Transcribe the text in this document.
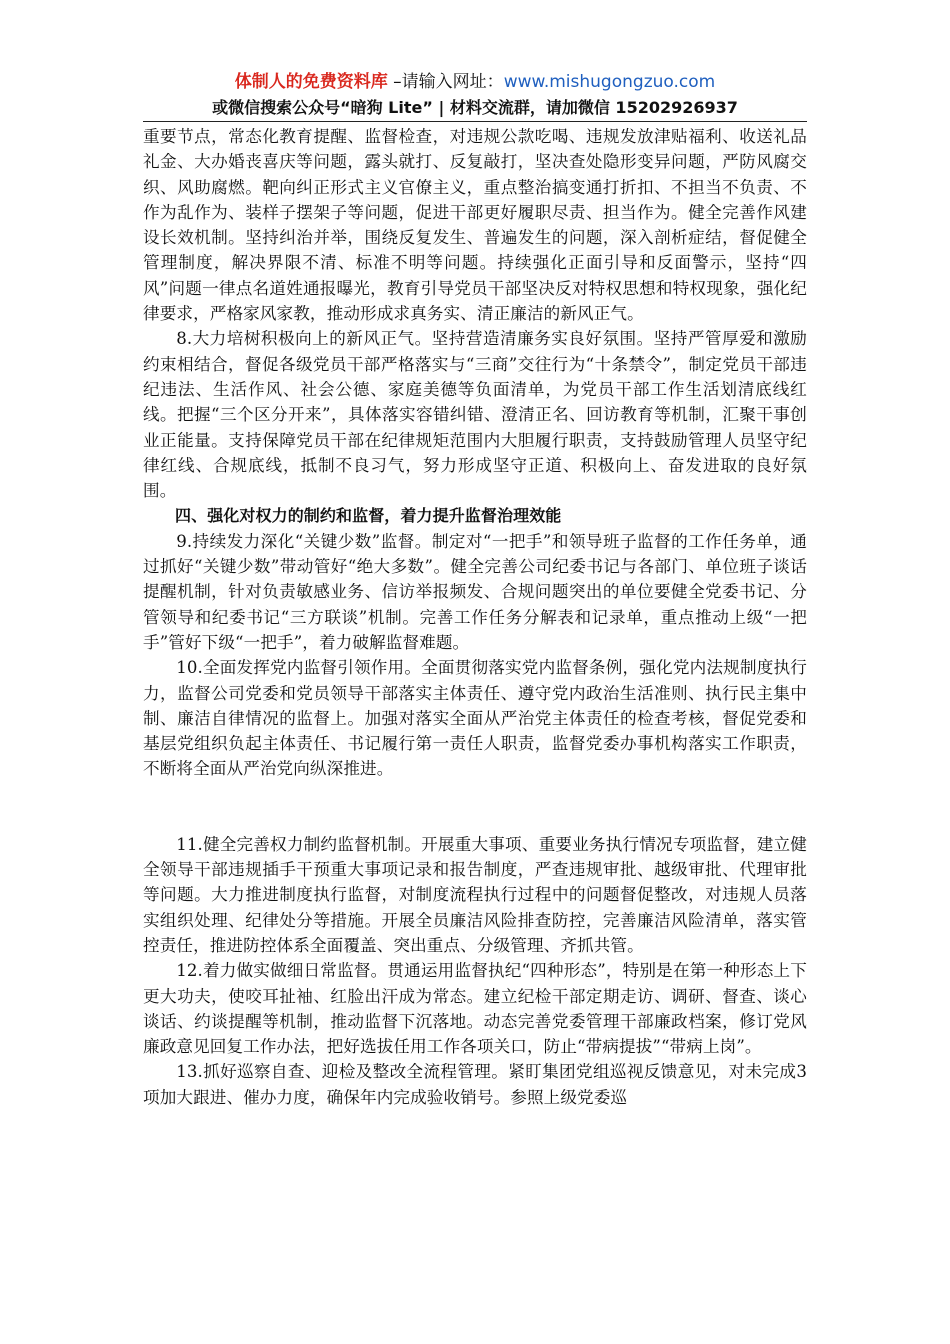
体制人的免费资料库 –请输入网址：www.mishugongzuo.com
或微信搜索公众号“暗狗 Lite” | 材料交流群，请加微信 15202926937

重要节点，常态化教育提醒、监督检查，对违规公款吃喝、违规发放津贴福利、收送礼品礼金、大办婚丧喜庆等问题，露头就打、反复敲打，坚决查处隐形变异问题，严防风腐交织、风助腐燃。靶向纠正形式主义官僚主义，重点整治搞变通打折扣、不担当不负责、不作为乱作为、装样子摆架子等问题，促进干部更好履职尽责、担当作为。健全完善作风建设长效机制。坚持纠治并举，围绕反复发生、普遍发生的问题，深入剖析症结，督促健全管理制度，解决界限不清、标准不明等问题。持续强化正面引导和反面警示，坚持“四风”问题一律点名道姓通报曝光，教育引导党员干部坚决反对特权思想和特权现象，强化纪律要求，严格家风家教，推动形成求真务实、清正廉洁的新风正气。

8.大力培树积极向上的新风正气。坚持营造清廉务实良好氛围。坚持严管厚爱和激励约束相结合，督促各级党员干部严格落实与“三商”交往行为“十条禁令”，制定党员干部违纪违法、生活作风、社会公德、家庭美德等负面清单，为党员干部工作生活划清底线红线。把握“三个区分开来”，具体落实容错纠错、澄清正名、回访教育等机制，汇聚干事创业正能量。支持保障党员干部在纪律规矩范围内大胆履行职责，支持鼓励管理人员坚守纪律红线、合规底线，抵制不良习气，努力形成坚守正道、积极向上、奋发进取的良好氛围。

四、强化对权力的制约和监督，着力提升监督治理效能

9.持续发力深化“关键少数”监督。制定对“一把手”和领导班子监督的工作任务单，通过抓好“关键少数”带动管好“绝大多数”。健全完善公司纪委书记与各部门、单位班子谈话提醒机制，针对负责敏感业务、信访举报频发、合规问题突出的单位要健全党委书记、分管领导和纪委书记“三方联谈”机制。完善工作任务分解表和记录单，重点推动上级“一把手”管好下级“一把手”，着力破解监督难题。

10.全面发挥党内监督引领作用。全面贯彻落实党内监督条例，强化党内法规制度执行力，监督公司党委和党员领导干部落实主体责任、遵守党内政治生活准则、执行民主集中制、廉洁自律情况的监督上。加强对落实全面从严治党主体责任的检查考核，督促党委和基层党组织负起主体责任、书记履行第一责任人职责，监督党委办事机构落实工作职责，不断将全面从严治党向纵深推进。

11.健全完善权力制约监督机制。开展重大事项、重要业务执行情况专项监督，建立健全领导干部违规插手干预重大事项记录和报告制度，严查违规审批、越级审批、代理审批等问题。大力推进制度执行监督，对制度流程执行过程中的问题督促整改，对违规人员落实组织处理、纪律处分等措施。开展全员廉洁风险排查防控，完善廉洁风险清单，落实管控责任，推进防控体系全面覆盖、突出重点、分级管理、齐抓共管。

12.着力做实做细日常监督。贯通运用监督执纪“四种形态”，特别是在第一种形态上下更大功夫，使咬耳扯袖、红脸出汗成为常态。建立纪检干部定期走访、调研、督查、谈心谈话、约谈提醒等机制，推动监督下沉落地。动态完善党委管理干部廉政档案，修订党风廉政意见回复工作办法，把好选拔任用工作各项关口，防止“带病提拔”“带病上岗”。

13.抓好巡察自查、迎检及整改全流程管理。紧盯集团党组巡视反馈意见，对未完成3项加大跟进、催办力度，确保年内完成验收销号。参照上级党委巡
